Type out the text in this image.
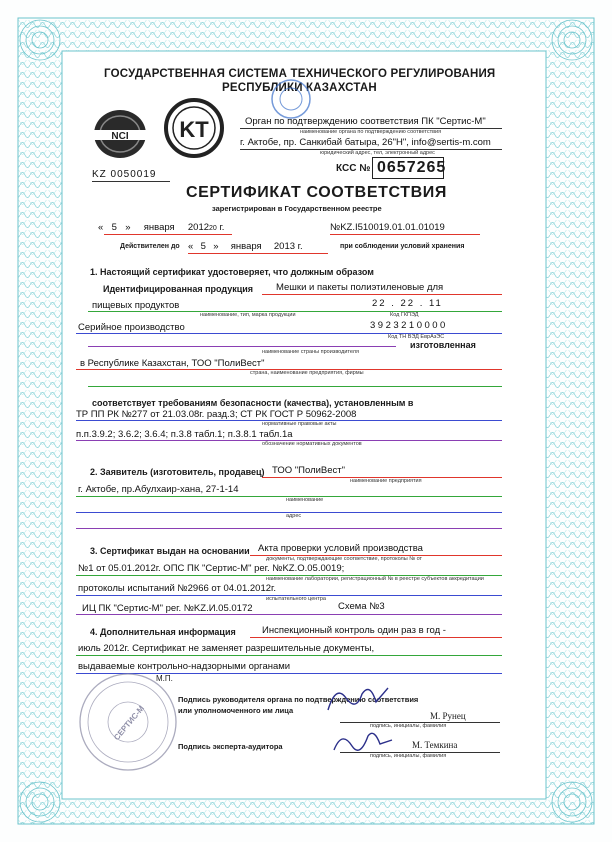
ГОСУДАРСТВЕННАЯ СИСТЕМА ТЕХНИЧЕСКОГО РЕГУЛИРОВАНИЯ
РЕСПУБЛИКИ КАЗАХСТАН
NCI KT	Орган по подтверждению соответствия ПК "Сертис-М"
наименование органа по подтверждению соответствия
г. Актобе, пр. Санкибай батыра, 26"Н", info@sertis-m.com
юридический адрес, тел, электронный адрес
KZ 0050019
КСС № 0657265
СЕРТИФИКАТ СООТВЕТСТВИЯ
зарегистрирован в Государственном реестре
« 5 » января 201220 г.	№KZ.I510019.01.01.01019
Действителен до « 5 » января 2013 г.	при соблюдении условий хранения
1. Настоящий сертификат удостоверяет, что должным образом
Идентифицированная продукция Мешки и пакеты полиэтиленовые для
пищевых продуктов	22 . 22 . 11
наименование, тип, марка продукции	Код ГКПЭД
Серийное производство	3923210000
Код ТН ВЭД ЕврАзЭС
изготовленная
наименование страны производителя
в Республике Казахстан, ТОО "ПолиВест"
страна, наименование предприятия, фирмы
соответствует требованиям безопасности (качества), установленным в
ТР ПП РК №277 от 21.03.08г. разд.3; СТ РК ГОСТ Р 50962-2008
нормативные правовые акты
п.п.3.9.2; 3.6.2; 3.6.4; п.3.8 табл.1; п.3.8.1 табл.1а
обозначение нормативных документов
2. Заявитель (изготовитель, продавец) ТОО "ПолиВест"
наименование предприятия
г. Актобе, пр.Абулхаир-хана, 27-1-14
наименование
адрес
3. Сертификат выдан на основании Акта проверки условий производства
документы, подтверждающие соответствие, протоколы № от
№1 от 05.01.2012г. ОПС ПК "Сертис-М" рег. №KZ.O.05.0019;
наименование лаборатории, регистрационный № в реестре субъектов аккредитации
протоколы испытаний №2966 от 04.01.2012г.
испытательного центра
ИЦ ПК "Сертис-М" рег. №KZ.И.05.0172	Схема №3
4. Дополнительная информация	Инспекционный контроль один раз в год -
июль 2012г. Сертификат не заменяет разрешительные документы,
выдаваемые контрольно-надзорными органами
СЕРТИС-М
М.П.
Подпись руководителя органа по подтверждению соответствия
или уполномоченного им лица
М. Рунец
подпись, инициалы, фамилия
Подпись эксперта-аудитора	М. Темкина
подпись, инициалы, фамилия
